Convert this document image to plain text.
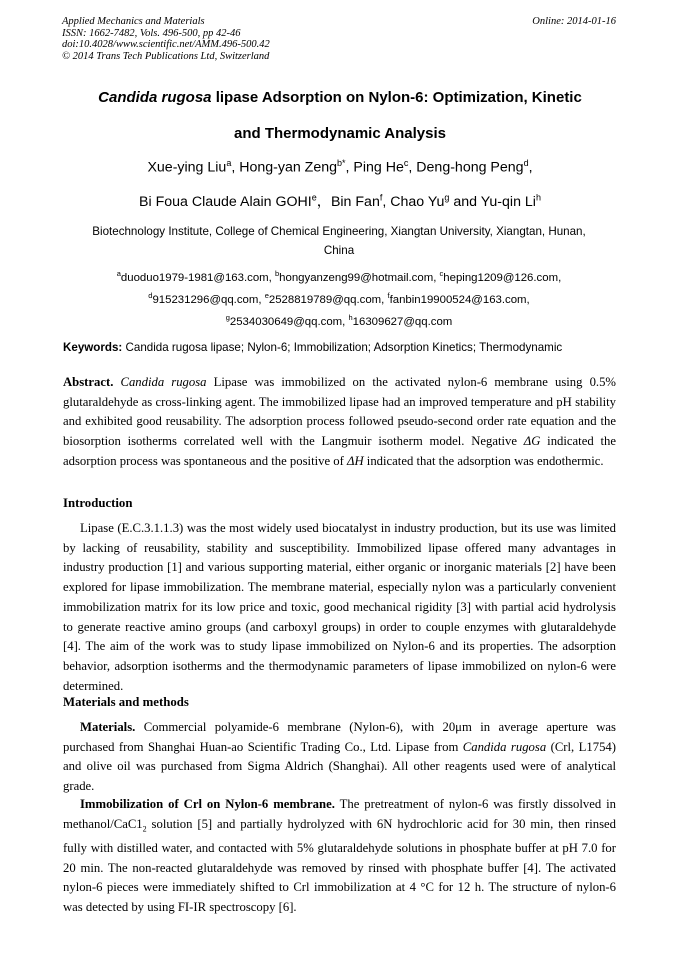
Applied Mechanics and Materials
ISSN: 1662-7482, Vols. 496-500, pp 42-46
doi:10.4028/www.scientific.net/AMM.496-500.42
© 2014 Trans Tech Publications Ltd, Switzerland
Online: 2014-01-16
Candida rugosa lipase Adsorption on Nylon-6: Optimization, Kinetic
and Thermodynamic Analysis
Xue-ying Liu$^a$, Hong-yan Zeng$^{b*}$, Ping He$^c$, Deng-hong Peng$^d$,
Bi Foua Claude Alain GOHI$^e$，Bin Fan$^f$, Chao Yu$^g$ and Yu-qin Li$^h$
Biotechnology Institute, College of Chemical Engineering, Xiangtan University, Xiangtan, Hunan,
China
$^a$duoduo1979-1981@163.com, $^b$hongyanzeng99@hotmail.com, $^c$heping1209@126.com,
$^d$915231296@qq.com, $^e$2528819789@qq.com, $^f$fanbin19900524@163.com,
$^g$2534030649@qq.com, $^h$16309627@qq.com
Keywords: Candida rugosa lipase; Nylon-6; Immobilization; Adsorption Kinetics; Thermodynamic
Abstract. Candida rugosa Lipase was immobilized on the activated nylon-6 membrane using 0.5% glutaraldehyde as cross-linking agent. The immobilized lipase had an improved temperature and pH stability and exhibited good reusability. The adsorption process followed pseudo-second order rate equation and the biosorption isotherms correlated well with the Langmuir isotherm model. Negative ΔG indicated the adsorption process was spontaneous and the positive of ΔH indicated that the adsorption was endothermic.
Introduction
Lipase (E.C.3.1.1.3) was the most widely used biocatalyst in industry production, but its use was limited by lacking of reusability, stability and susceptibility. Immobilized lipase offered many advantages in industry production [1] and various supporting material, either organic or inorganic materials [2] have been explored for lipase immobilization. The membrane material, especially nylon was a particularly convenient immobilization matrix for its low price and toxic, good mechanical rigidity [3] with partial acid hydrolysis to generate reactive amino groups (and carboxyl groups) in order to couple enzymes with glutaraldehyde [4]. The aim of the work was to study lipase immobilized on Nylon-6 and its properties. The adsorption behavior, adsorption isotherms and the thermodynamic parameters of lipase immobilized on nylon-6 were determined.
Materials and methods
Materials. Commercial polyamide-6 membrane (Nylon-6), with 20μm in average aperture was purchased from Shanghai Huan-ao Scientific Trading Co., Ltd. Lipase from Candida rugosa (Crl, L1754) and olive oil was purchased from Sigma Aldrich (Shanghai). All other reagents used were of analytical grade.
Immobilization of Crl on Nylon-6 membrane. The pretreatment of nylon-6 was firstly dissolved in methanol/$CaC1_2$ solution [5] and partially hydrolyzed with 6N hydrochloric acid for 30 min, then rinsed fully with distilled water, and contacted with 5% glutaraldehyde solutions in phosphate buffer at pH 7.0 for 20 min. The non-reacted glutaraldehyde was removed by rinsed with phosphate buffer [4]. The activated nylon-6 pieces were immediately shifted to Crl immobilization at 4 °C for 12 h. The structure of nylon-6 was detected by using FI-IR spectroscopy [6].
